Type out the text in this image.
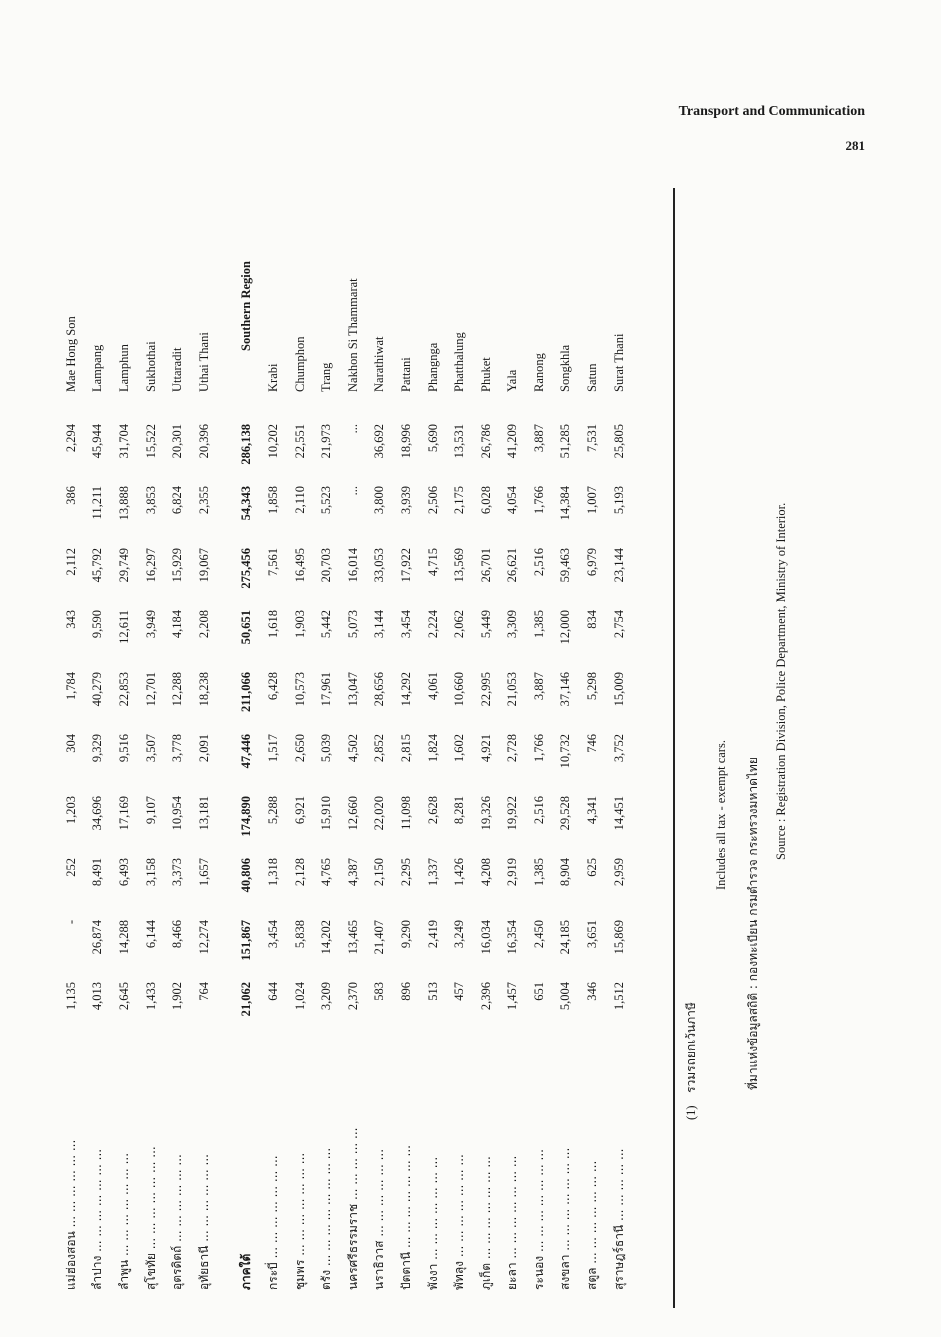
Transport and Communication
281
แม่ฮ่องสอน ... ... ... ... ... ...	1,135	-	252	1,203	304	1,784	343	2,112	386	2,294	Mae Hong Son
ลำปาง ... ... ... ... ... ... ...	4,013	26,874	8,491	34,696	9,329	40,279	9,590	45,792	11,211	45,944	Lampang
ลำพูน ... ... ... ... ... ... ...	2,645	14,288	6,493	17,169	9,516	22,853	12,611	29,749	13,888	31,704	Lamphun
สุโขทัย ... ... ... ... ... ... ...	1,433	6,144	3,158	9,107	3,507	12,701	3,949	16,297	3,853	15,522	Sukhothai
อุตรดิตถ์ ... ... ... ... ... ...	1,902	8,466	3,373	10,954	3,778	12,288	4,184	15,929	6,824	20,301	Uttaradit
อุทัยธานี ... ... ... ... ... ...	764	12,274	1,657	13,181	2,091	18,238	2,208	19,067	2,355	20,396	Uthai Thani

ภาคใต้	21,062	151,867	40,806	174,890	47,446	211,066	50,651	275,456	54,343	286,138	Southern Region
กระบี่ ... ... ... ... ... ... ...	644	3,454	1,318	5,288	1,517	6,428	1,618	7,561	1,858	10,202	Krabi
ชุมพร ... ... ... ... ... ... ...	1,024	5,838	2,128	6,921	2,650	10,573	1,903	16,495	2,110	22,551	Chumphon
ตรัง ... ... ... ... ... ... ... ...	3,209	14,202	4,765	15,910	5,039	17,961	5,442	20,703	5,523	21,973	Trang
นครศรีธรรมราช ... ... ... ... ...	2,370	13,465	4,387	12,660	4,502	13,047	5,073	16,014	...	...	Nakhon Si Thammarat
นราธิวาส ... ... ... ... ... ...	583	21,407	2,150	22,020	2,852	28,656	3,144	33,053	3,800	36,692	Narathiwat
ปัตตานี ... ... ... ... ... ... ...	896	9,290	2,295	11,098	2,815	14,292	3,454	17,922	3,939	18,996	Pattani
พังงา ... ... ... ... ... ... ...	513	2,419	1,337	2,628	1,824	4,061	2,224	4,715	2,506	5,690	Phangnga
พัทลุง ... ... ... ... ... ... ...	457	3,249	1,426	8,281	1,602	10,660	2,062	13,569	2,175	13,531	Phatthalung
ภูเก็ต ... ... ... ... ... ... ...	2,396	16,034	4,208	19,326	4,921	22,995	5,449	26,701	6,028	26,786	Phuket
ยะลา ... ... ... ... ... ... ...	1,457	16,354	2,919	19,922	2,728	21,053	3,309	26,621	4,054	41,209	Yala
ระนอง ... ... ... ... ... ... ...	651	2,450	1,385	2,516	1,766	3,887	1,385	2,516	1,766	3,887	Ranong
สงขลา ... ... ... ... ... ... ...	5,004	24,185	8,904	29,528	10,732	37,146	12,000	59,463	14,384	51,285	Songkhla
สตูล ... ... ... ... ... ... ...	346	3,651	625	4,341	746	5,298	834	6,979	1,007	7,531	Satun
สุราษฎร์ธานี ... ... ... ... ...	1,512	15,869	2,959	14,451	3,752	15,009	2,754	23,144	5,193	25,805	Surat Thani
(1)    รวมรถยกเว้นภาษี
Includes all tax - exempt cars. ที่มาแห่งข้อมูลสถิติ : กองทะเบียน กรมตำรวจ กระทรวงมหาดไทย
Source : Registration Division, Police Department, Ministry of Interior.
